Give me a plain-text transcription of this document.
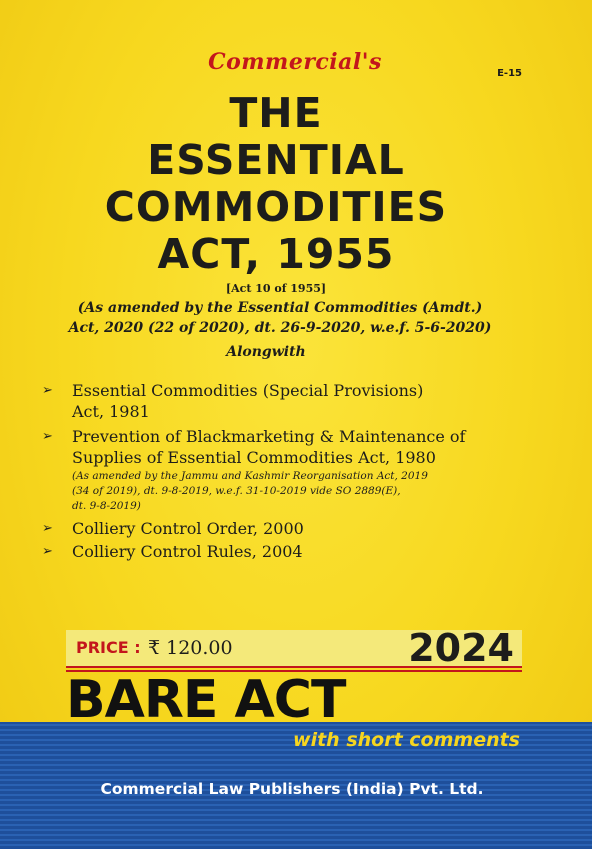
Commercial's	E-15
THE
ESSENTIAL
COMMODITIES
ACT, 1955
[Act 10 of 1955]
(As amended by the Essential Commodities (Amdt.)
Act, 2020 (22 of 2020), dt. 26-9-2020, w.e.f. 5-6-2020)
Alongwith
➢ Essential Commodities (Special Provisions)
Act, 1981
➢ Prevention of Blackmarketing & Maintenance of
Supplies of Essential Commodities Act, 1980
(As amended by the Jammu and Kashmir Reorganisation Act, 2019
(34 of 2019), dt. 9-8-2019, w.e.f. 31-10-2019 vide SO 2889(E),
dt. 9-8-2019)
➢ Colliery Control Order, 2000
➢ Colliery Control Rules, 2004
PRICE : ₹ 120.00	2024
BARE ACT
with short comments
Commercial Law Publishers (India) Pvt. Ltd.
